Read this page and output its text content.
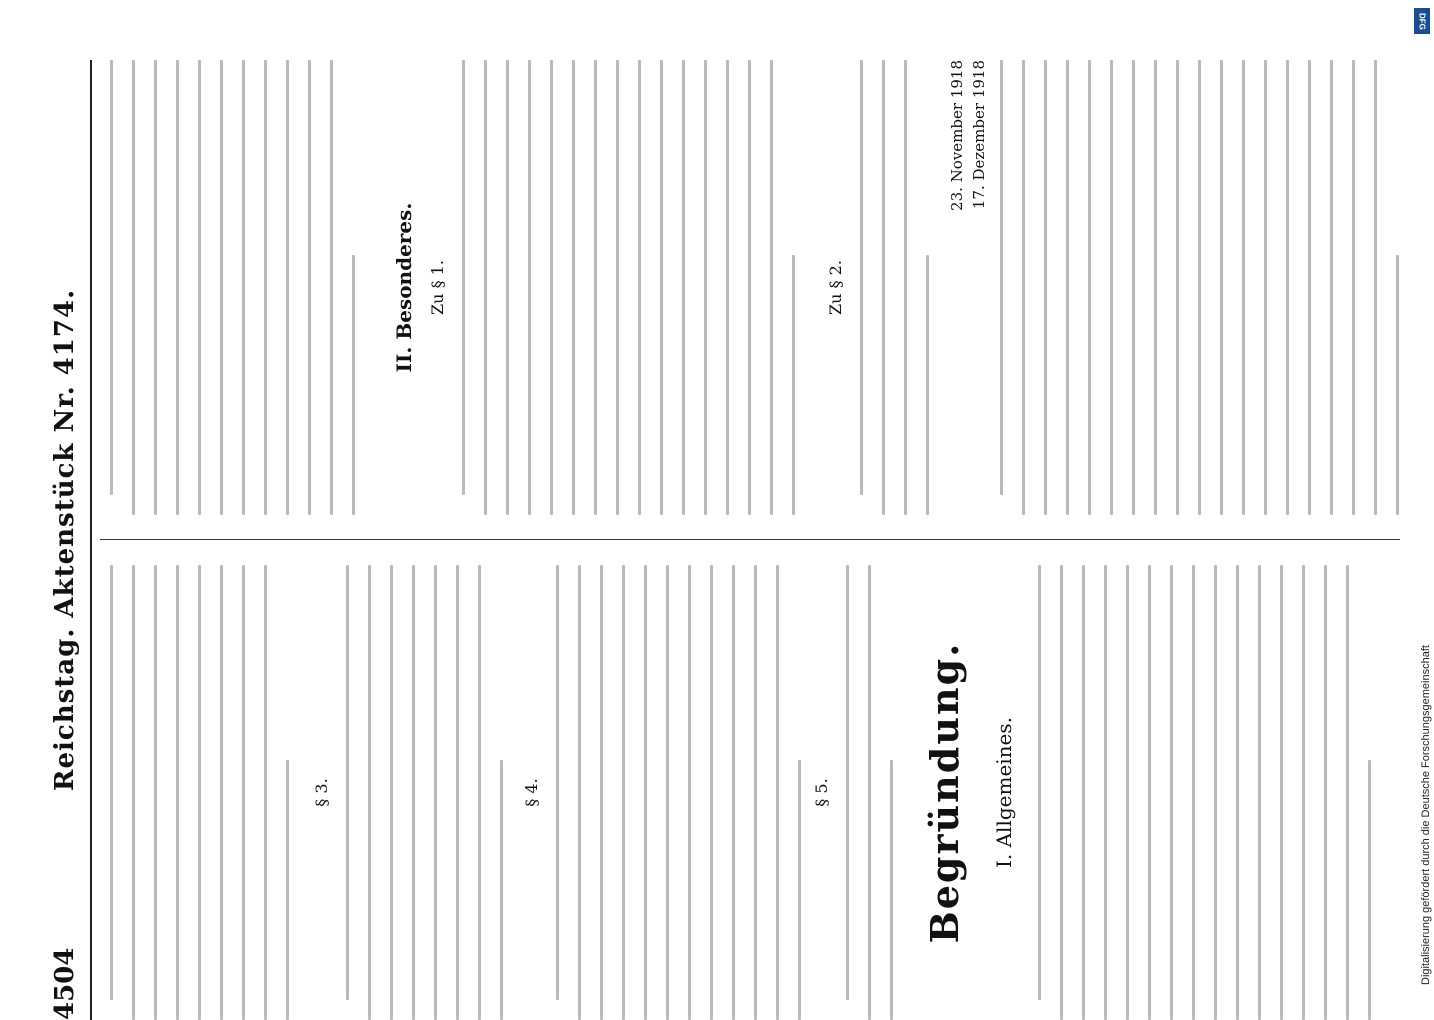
4504
Reichstag. Aktenstück Nr. 4174.
§ 3.	§ 4.	§ 5. Begründung. I. Allgemeines.
II. Besonderes. Zu § 1.	Zu § 2.
23. November 1918 17. Dezember 1918
DFG
Digitalisierung gefördert durch die Deutsche Forschungsgemeinschaft
